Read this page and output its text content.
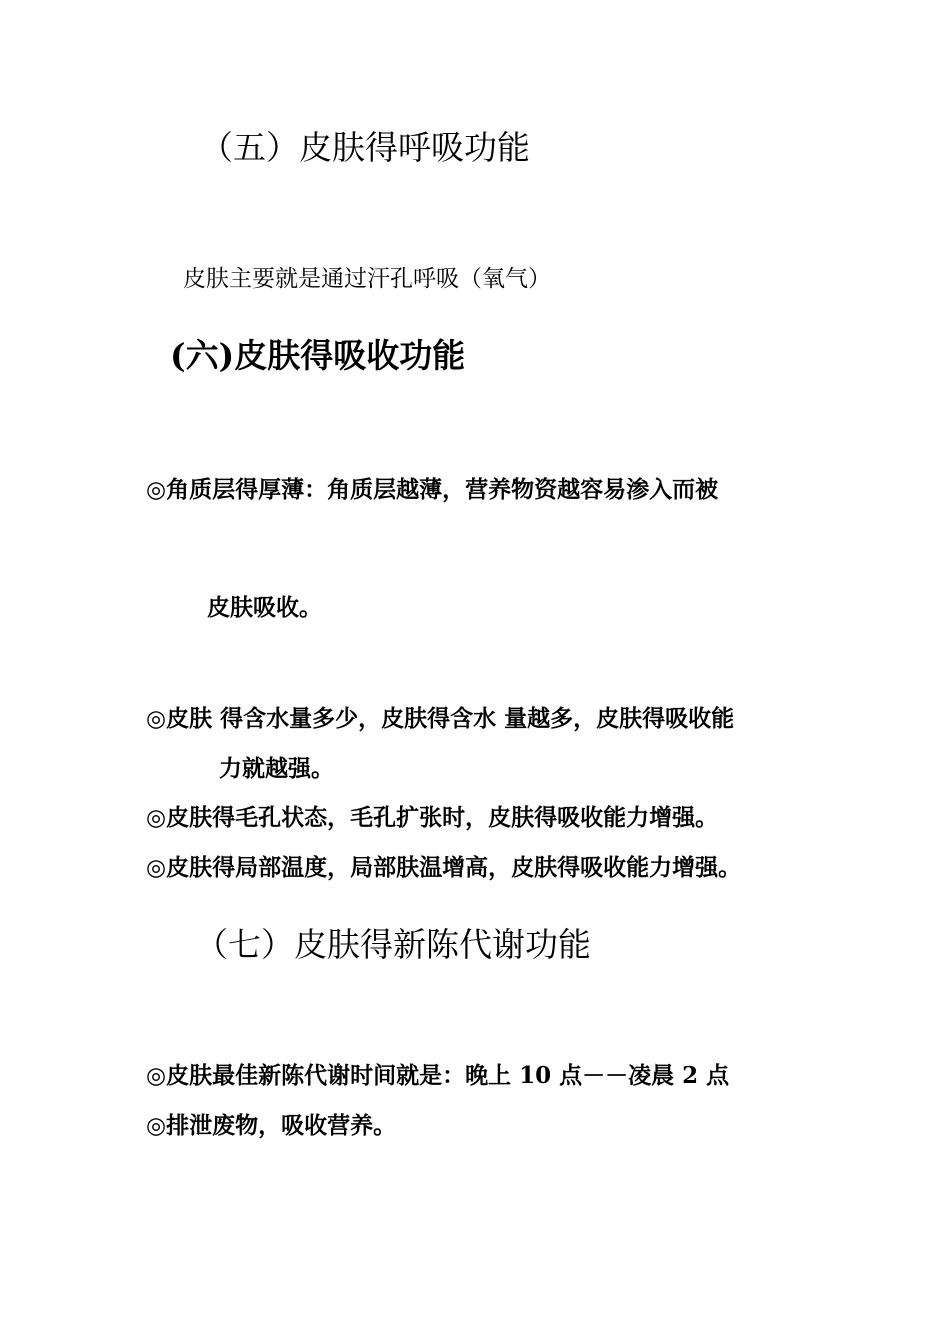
（五）皮肤得呼吸功能
皮肤主要就是通过汗孔呼吸（氧气）
(六)皮肤得吸收功能
◎角质层得厚薄：角质层越薄，营养物资越容易渗入而被
皮肤吸收。
◎皮肤 得含水量多少，皮肤得含水 量越多，皮肤得吸收能
力就越强。
◎皮肤得毛孔状态，毛孔扩张时，皮肤得吸收能力增强。
◎皮肤得局部温度，局部肤温增高，皮肤得吸收能力增强。
（七）皮肤得新陈代谢功能
◎皮肤最佳新陈代谢时间就是：晚上 10 点－－凌晨 2 点
◎排泄废物，吸收营养。
